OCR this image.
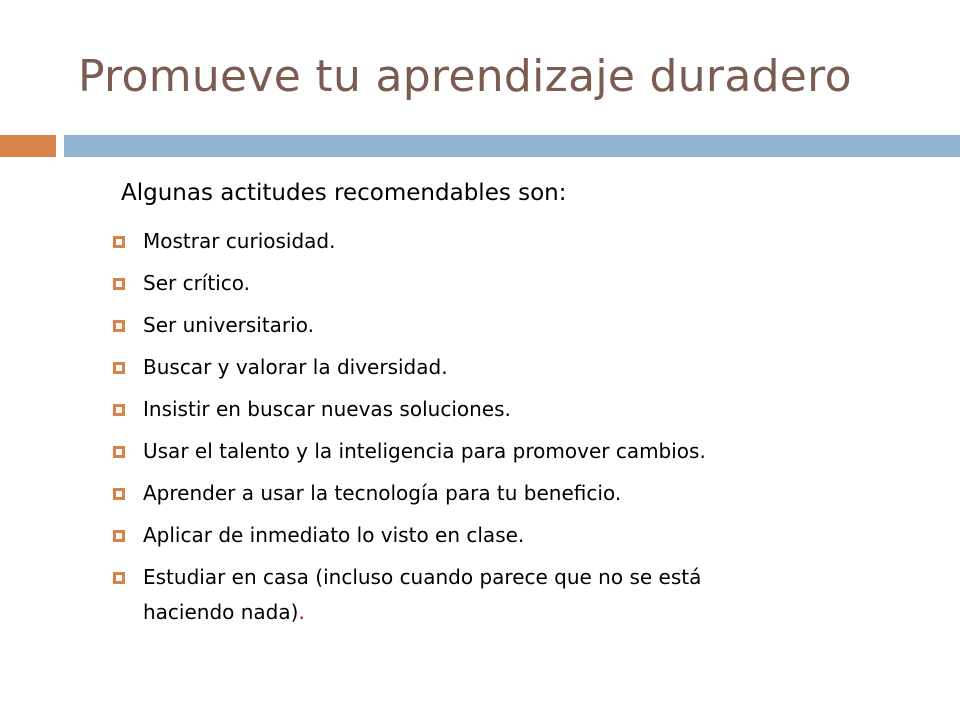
Promueve tu aprendizaje duradero
Algunas actitudes recomendables son:
Mostrar curiosidad.
Ser crítico.
Ser universitario.
Buscar y valorar la diversidad.
Insistir en buscar nuevas soluciones.
Usar el talento y la inteligencia para promover cambios.
Aprender a usar la tecnología para tu beneficio.
Aplicar de inmediato lo visto en clase.
Estudiar en casa (incluso cuando parece que no se está
haciendo nada).
